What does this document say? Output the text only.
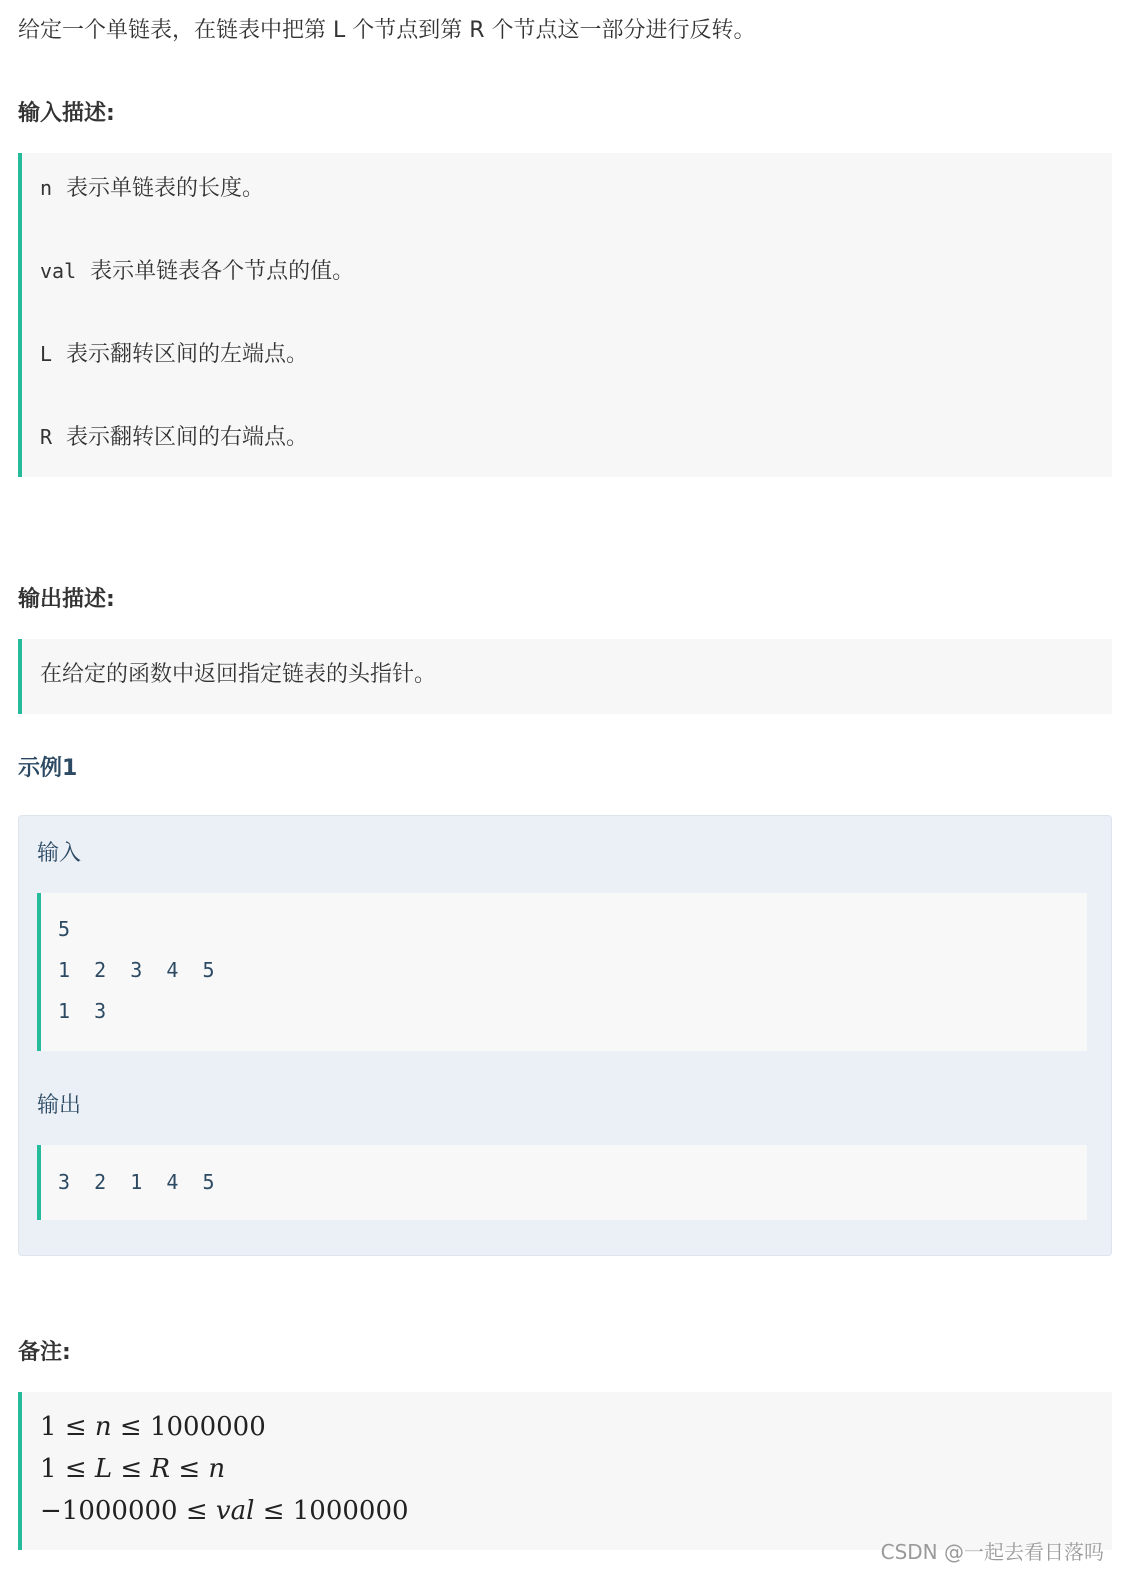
给定一个单链表，在链表中把第 L 个节点到第 R 个节点这一部分进行反转。
输入描述:
n 表示单链表的长度。
val 表示单链表各个节点的值。
L 表示翻转区间的左端点。
R 表示翻转区间的右端点。
输出描述:
在给定的函数中返回指定链表的头指针。
示例1
输入
5
1  2  3  4  5
1  3
输出
3  2  1  4  5
备注:
1 ≤ n ≤ 1000000
1 ≤ L ≤ R ≤ n
−1000000 ≤ val ≤ 1000000
CSDN @一起去看日落吗
